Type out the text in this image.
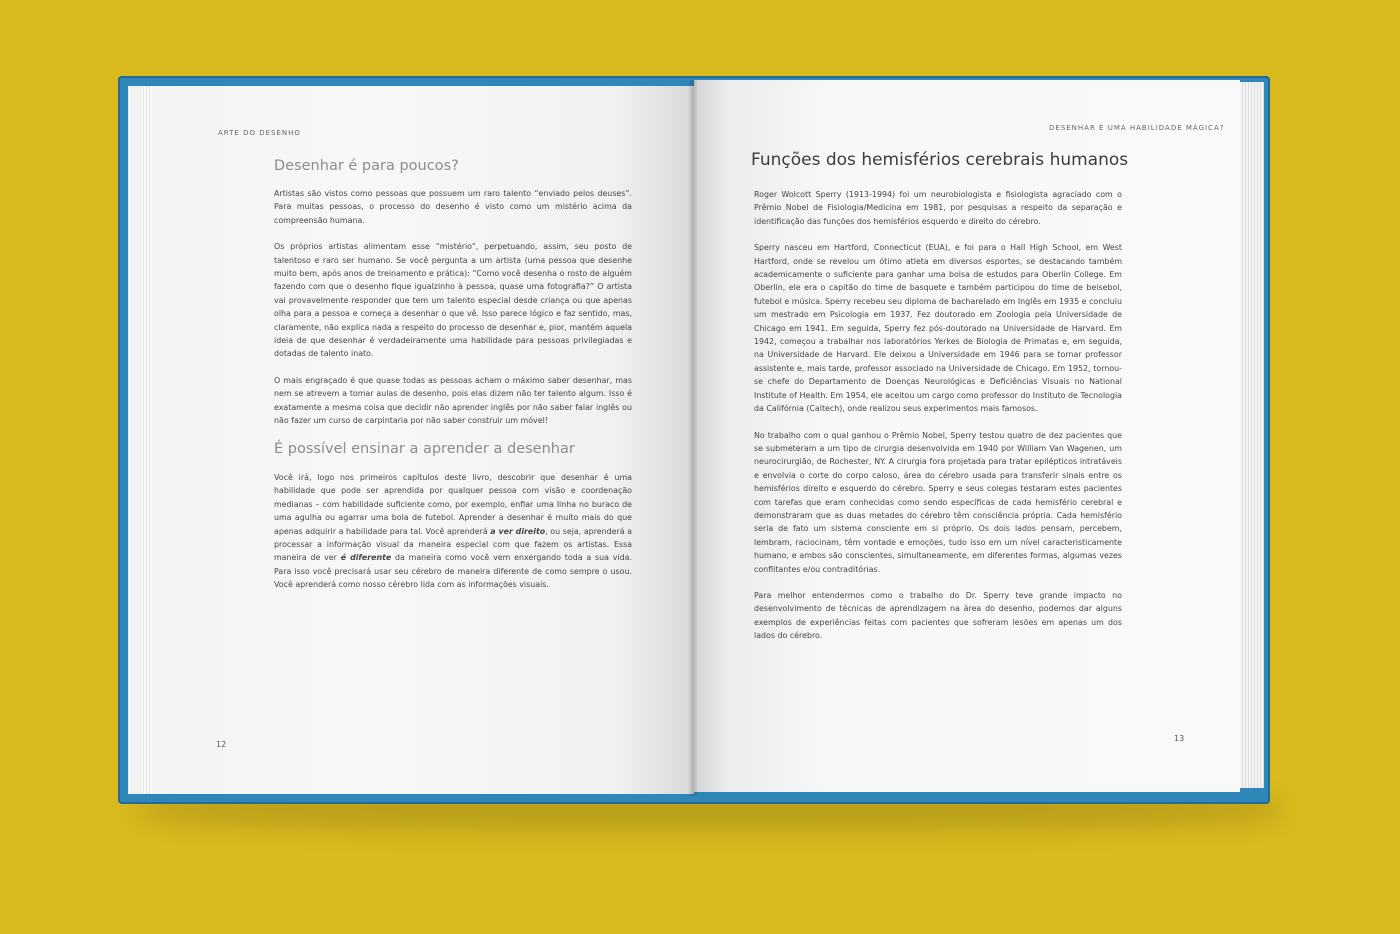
ARTE DO DESENHO
Desenhar é para poucos?

Artistas são vistos como pessoas que possuem um raro talento “enviado pelos deuses”. Para muitas pessoas, o processo do desenho é visto como um mistério acima da compreensão humana.

Os próprios artistas alimentam esse “mistério”, perpetuando, assim, seu posto de talentoso e raro ser humano. Se você pergunta a um artista (uma pessoa que desenhe muito bem, após anos de treinamento e prática): “Como você desenha o rosto de alguém fazendo com que o desenho fique igualzinho à pessoa, quase uma fotografia?” O artista vai provavelmente responder que tem um talento especial desde criança ou que apenas olha para a pessoa e começa a desenhar o que vê. Isso parece lógico e faz sentido, mas, claramente, não explica nada a respeito do processo de desenhar e, pior, mantém aquela ideia de que desenhar é verdadeiramente uma habilidade para pessoas privilegiadas e dotadas de talento inato.

O mais engraçado é que quase todas as pessoas acham o máximo saber desenhar, mas nem se atrevem a tomar aulas de desenho, pois elas dizem não ter talento algum. Isso é exatamente a mesma coisa que decidir não aprender inglês por não saber falar inglês ou não fazer um curso de carpintaria por não saber construir um móvel!

É possível ensinar a aprender a desenhar

Você irá, logo nos primeiros capítulos deste livro, descobrir que desenhar é uma habilidade que pode ser aprendida por qualquer pessoa com visão e coordenação medianas – com habilidade suficiente como, por exemplo, enfiar uma linha no buraco de uma agulha ou agarrar uma bola de futebol. Aprender a desenhar é muito mais do que apenas adquirir a habilidade para tal. Você aprenderá a ver direito, ou seja, aprenderá a processar a informação visual da maneira especial com que fazem os artistas. Essa maneira de ver é diferente da maneira como você vem enxergando toda a sua vida. Para isso você precisará usar seu cérebro de maneira diferente de como sempre o usou. Você aprenderá como nosso cérebro lida com as informações visuais.

12
DESENHAR É UMA HABILIDADE MÁGICA?
Funções dos hemisférios cerebrais humanos

Roger Wolcott Sperry (1913-1994) foi um neurobiologista e fisiologista agraciado com o Prêmio Nobel de Fisiologia/Medicina em 1981, por pesquisas a respeito da separação e identificação das funções dos hemisférios esquerdo e direito do cérebro.

Sperry nasceu em Hartford, Connecticut (EUA), e foi para o Hall High School, em West Hartford, onde se revelou um ótimo atleta em diversos esportes, se destacando também academicamente o suficiente para ganhar uma bolsa de estudos para Oberlin College. Em Oberlin, ele era o capitão do time de basquete e também participou do time de beisebol, futebol e música. Sperry recebeu seu diploma de bacharelado em Inglês em 1935 e concluiu um mestrado em Psicologia em 1937. Fez doutorado em Zoologia pela Universidade de Chicago em 1941. Em seguida, Sperry fez pós-doutorado na Universidade de Harvard. Em 1942, começou a trabalhar nos laboratórios Yerkes de Biologia de Primatas e, em seguida, na Universidade de Harvard. Ele deixou a Universidade em 1946 para se tornar professor assistente e, mais tarde, professor associado na Universidade de Chicago. Em 1952, tornou-se chefe do Departamento de Doenças Neurológicas e Deficiências Visuais no National Institute of Health. Em 1954, ele aceitou um cargo como professor do Instituto de Tecnologia da Califórnia (Caltech), onde realizou seus experimentos mais famosos.

No trabalho com o qual ganhou o Prêmio Nobel, Sperry testou quatro de dez pacientes que se submeteram a um tipo de cirurgia desenvolvida em 1940 por William Van Wagenen, um neurocirurgião, de Rochester, NY. A cirurgia fora projetada para tratar epilépticos intratáveis e envolvia o corte do corpo caloso, área do cérebro usada para transferir sinais entre os hemisférios direito e esquerdo do cérebro. Sperry e seus colegas testaram estes pacientes com tarefas que eram conhecidas como sendo específicas de cada hemisfério cerebral e demonstraram que as duas metades do cérebro têm consciência própria. Cada hemisfério seria de fato um sistema consciente em si próprio. Os dois lados pensam, percebem, lembram, raciocinam, têm vontade e emoções, tudo isso em um nível caracteristicamente humano, e ambos são conscientes, simultaneamente, em diferentes formas, algumas vezes conflitantes e/ou contraditórias.

Para melhor entendermos como o trabalho do Dr. Sperry teve grande impacto no desenvolvimento de técnicas de aprendizagem na área do desenho, podemos dar alguns exemplos de experiências feitas com pacientes que sofreram lesões em apenas um dos lados do cérebro.

13
